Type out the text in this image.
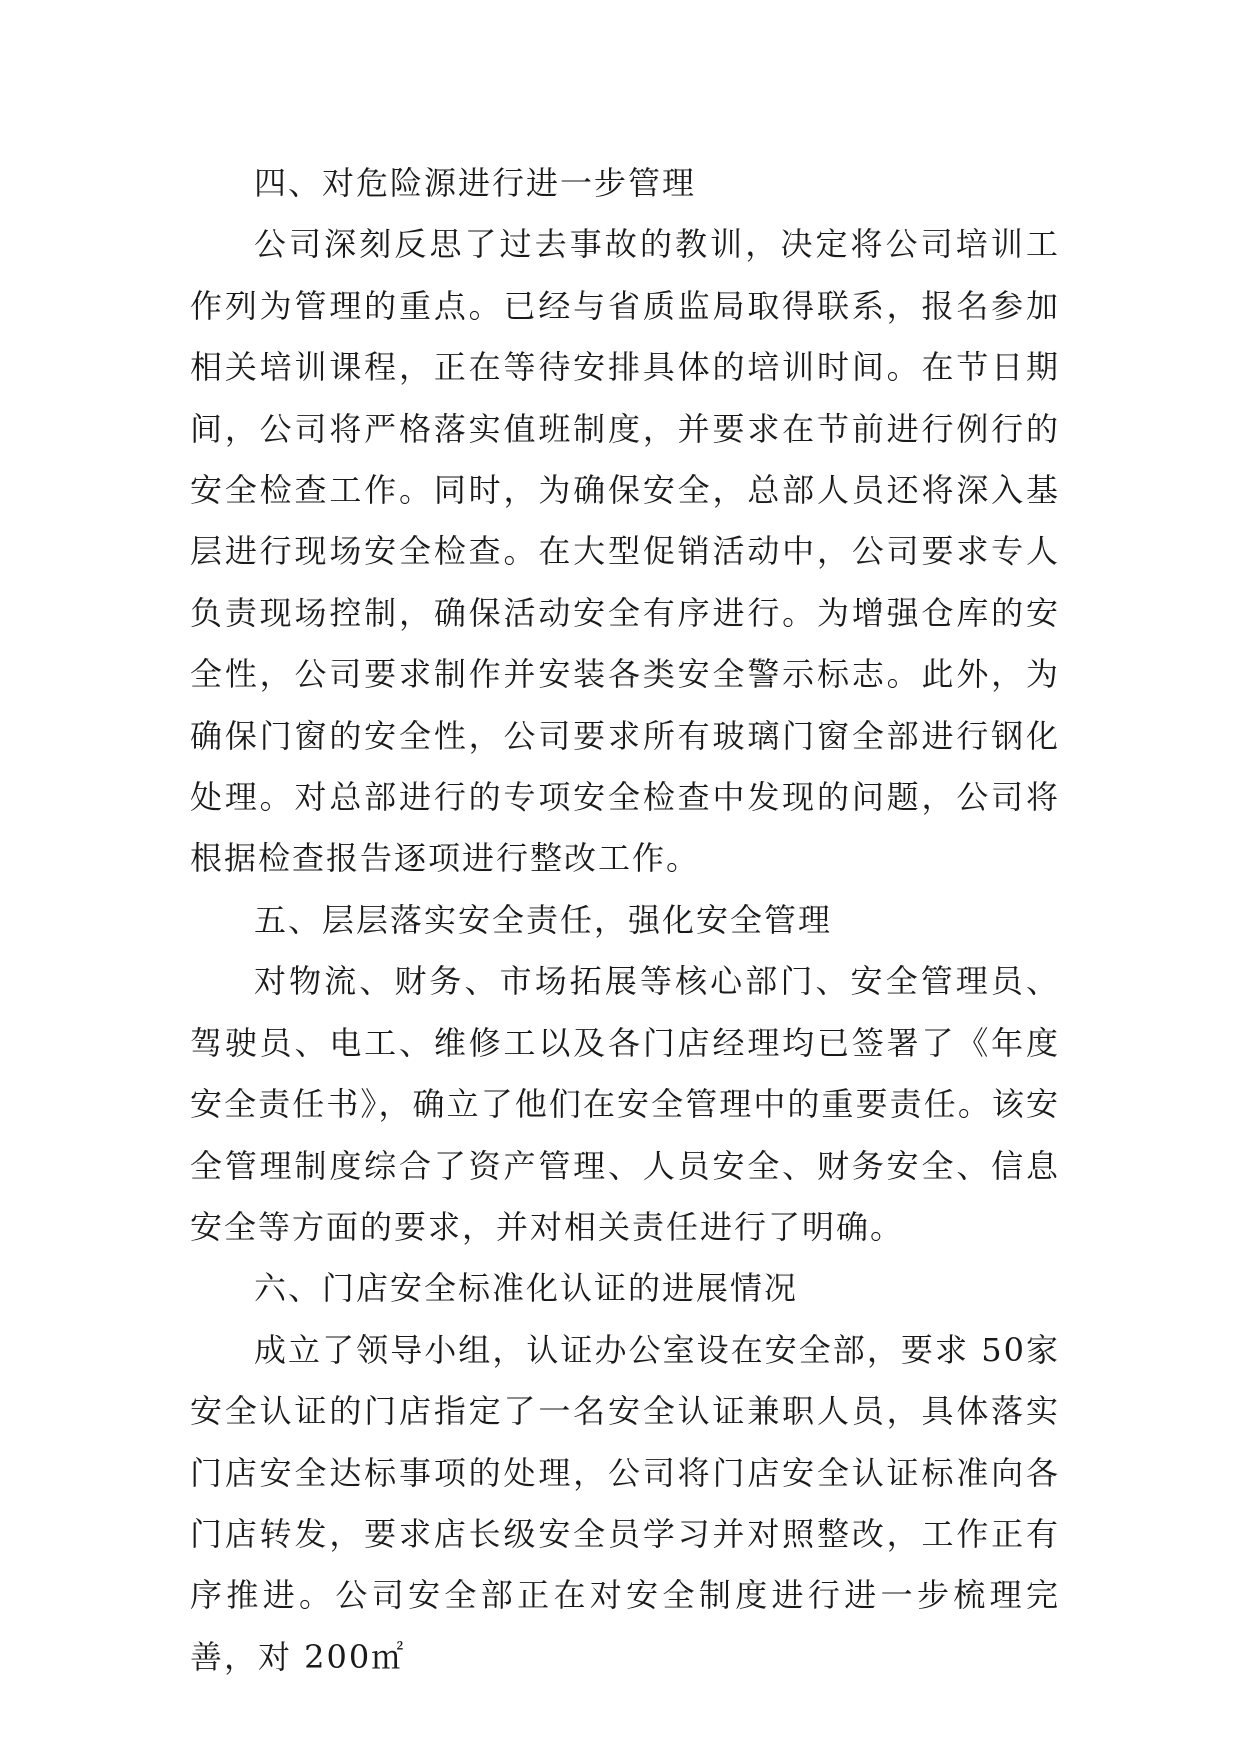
四、对危险源进行进一步管理

公司深刻反思了过去事故的教训，决定将公司培训工作列为管理的重点。已经与省质监局取得联系，报名参加相关培训课程，正在等待安排具体的培训时间。在节日期间，公司将严格落实值班制度，并要求在节前进行例行的安全检查工作。同时，为确保安全，总部人员还将深入基层进行现场安全检查。在大型促销活动中，公司要求专人负责现场控制，确保活动安全有序进行。为增强仓库的安全性，公司要求制作并安装各类安全警示标志。此外，为确保门窗的安全性，公司要求所有玻璃门窗全部进行钢化处理。对总部进行的专项安全检查中发现的问题，公司将根据检查报告逐项进行整改工作。

五、层层落实安全责任，强化安全管理

对物流、财务、市场拓展等核心部门、安全管理员、驾驶员、电工、维修工以及各门店经理均已签署了《年度安全责任书》，确立了他们在安全管理中的重要责任。该安全管理制度综合了资产管理、人员安全、财务安全、信息安全等方面的要求，并对相关责任进行了明确。

六、门店安全标准化认证的进展情况

成立了领导小组，认证办公室设在安全部，要求 50家安全认证的门店指定了一名安全认证兼职人员，具体落实门店安全达标事项的处理，公司将门店安全认证标准向各门店转发，要求店长级安全员学习并对照整改，工作正有序推进。公司安全部正在对安全制度进行进一步梳理完善，对 200㎡
